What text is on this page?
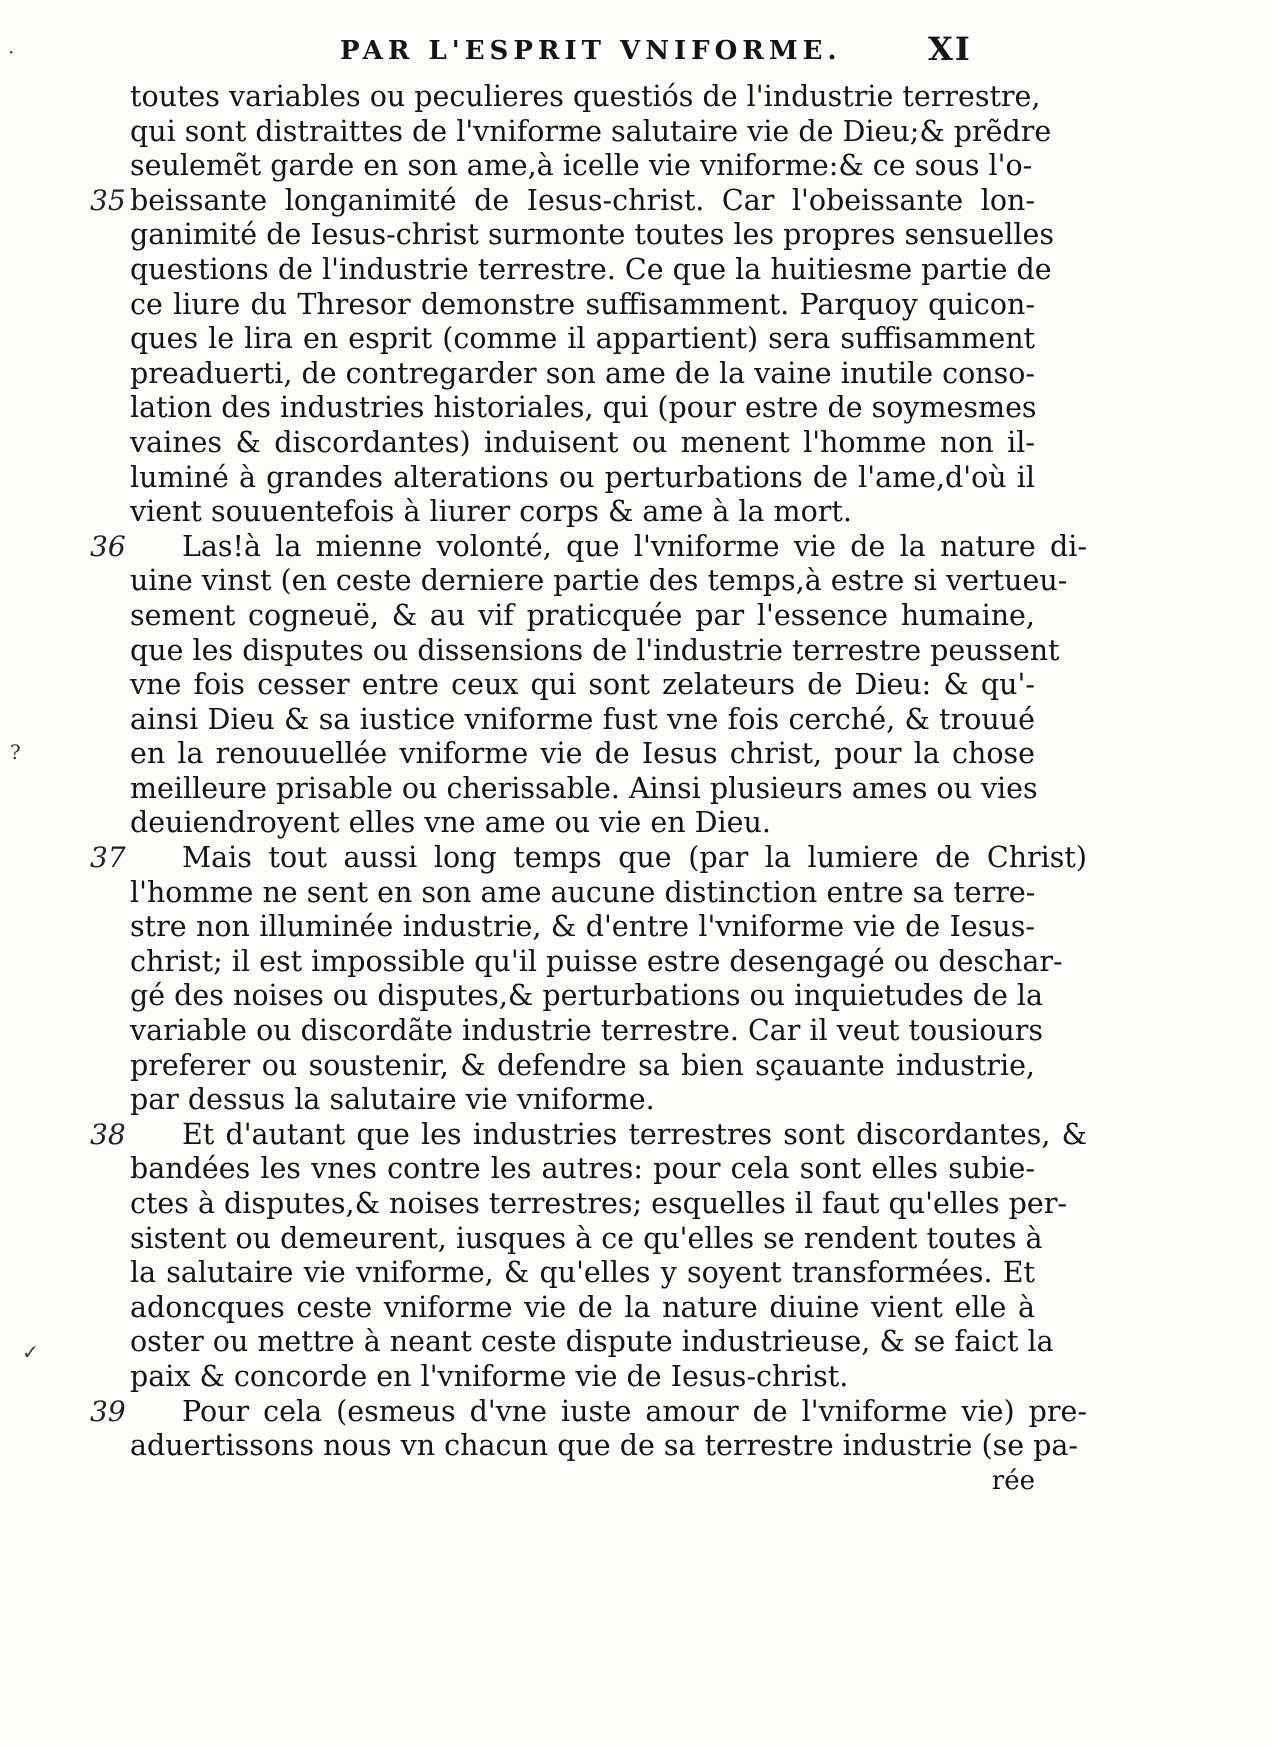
PAR L'ESPRIT VNIFORME.	XI
toutes variables ou peculieres questiós de l'industrie terrestre,
qui sont distraittes de l'vniforme salutaire vie de Dieu;& prẽdre
seulemẽt garde en son ame,à icelle vie vniforme:& ce sous l'o-
35 beissante longanimité de Iesus-christ. Car l'obeissante lon-
ganimité de Iesus-christ surmonte toutes les propres sensuelles
questions de l'industrie terrestre. Ce que la huitiesme partie de
ce liure du Thresor demonstre suffisamment. Parquoy quicon-
ques le lira en esprit (comme il appartient) sera suffisamment
preaduerti, de contregarder son ame de la vaine inutile conso-
lation des industries historiales, qui (pour estre de soymesmes
vaines & discordantes) induisent ou menent l'homme non il-
luminé à grandes alterations ou perturbations de l'ame,d'où il
vient souuentefois à liurer corps & ame à la mort.
36	Las!à la mienne volonté, que l'vniforme vie de la nature di-
uine vinst (en ceste derniere partie des temps,à estre si vertueu-
sement cogneuë, & au vif praticquée par l'essence humaine,
que les disputes ou dissensions de l'industrie terrestre peussent
vne fois cesser entre ceux qui sont zelateurs de Dieu: & qu'-
ainsi Dieu & sa iustice vniforme fust vne fois cerché, & trouué
en la renouuellée vniforme vie de Iesus christ, pour la chose
meilleure prisable ou cherissable. Ainsi plusieurs ames ou vies
deuiendroyent elles vne ame ou vie en Dieu.
37	Mais tout aussi long temps que (par la lumiere de Christ)
l'homme ne sent en son ame aucune distinction entre sa terre-
stre non illuminée industrie, & d'entre l'vniforme vie de Iesus-
christ; il est impossible qu'il puisse estre desengagé ou deschar-
gé des noises ou disputes,& perturbations ou inquietudes de la
variable ou discordãte industrie terrestre. Car il veut tousiours
preferer ou soustenir, & defendre sa bien sçauante industrie,
par dessus la salutaire vie vniforme.
38	Et d'autant que les industries terrestres sont discordantes, &
bandées les vnes contre les autres: pour cela sont elles subie-
ctes à disputes,& noises terrestres; esquelles il faut qu'elles per-
sistent ou demeurent, iusques à ce qu'elles se rendent toutes à
la salutaire vie vniforme, & qu'elles y soyent transformées. Et
adoncques ceste vniforme vie de la nature diuine vient elle à
oster ou mettre à neant ceste dispute industrieuse, & se faict la
paix & concorde en l'vniforme vie de Iesus-christ.
39	Pour cela (esmeus d'vne iuste amour de l'vniforme vie) pre-
aduertissons nous vn chacun que de sa terrestre industrie (se pa-
rée
·
?
✓
